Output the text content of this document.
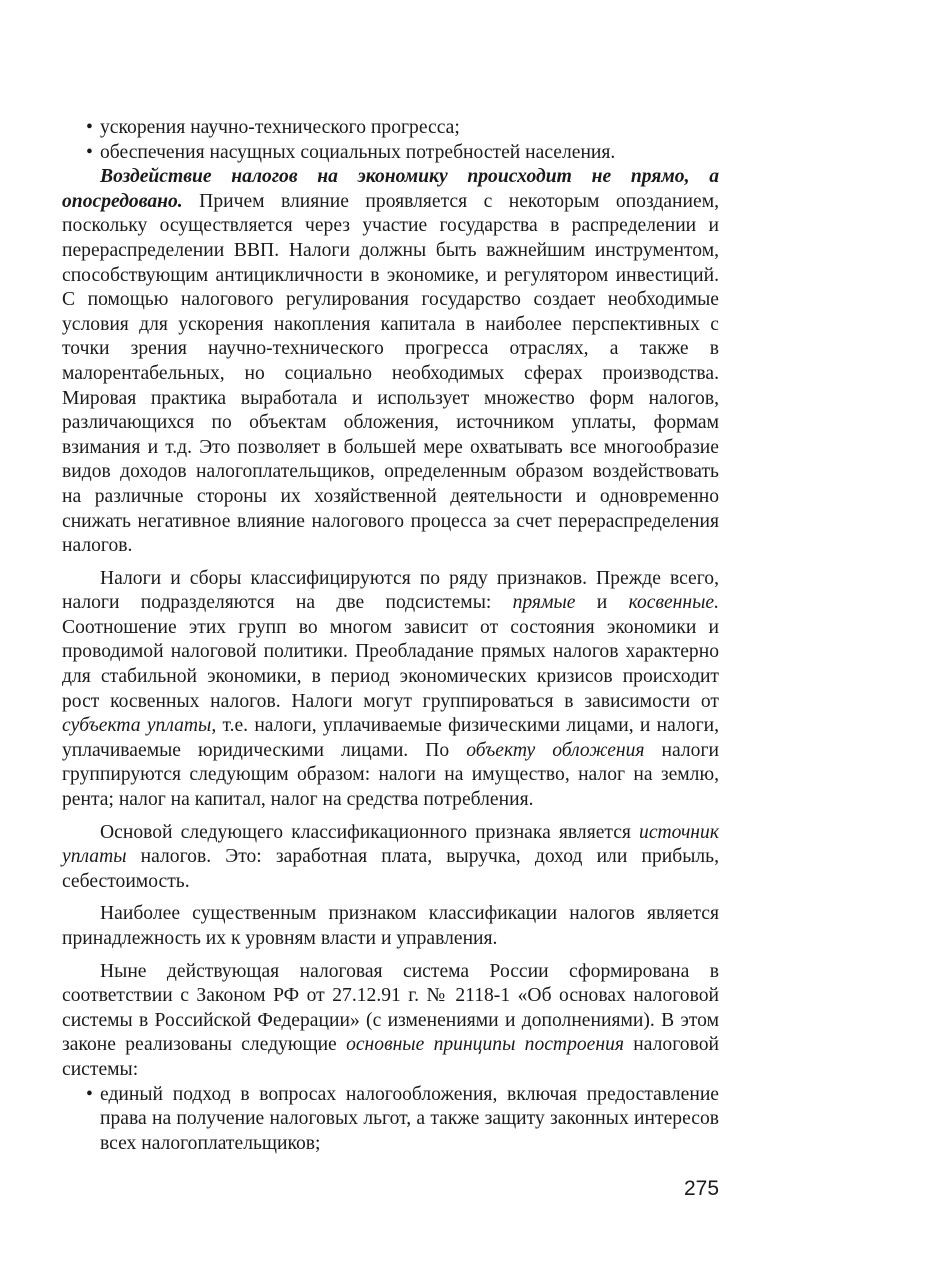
• ускорения научно-технического прогресса;

• обеспечения насущных социальных потребностей населения.

Воздействие налогов на экономику происходит не прямо, а опосредовано. Причем влияние проявляется с некоторым опозданием, поскольку осуществляется через участие государства в распределении и перераспределении ВВП. Налоги должны быть важнейшим инструментом, способствующим антицикличности в экономике, и регулятором инвестиций. С помощью налогового регулирования государство создает необходимые условия для ускорения накопления капитала в наиболее перспективных с точки зрения научно-технического прогресса отраслях, а также в малорентабельных, но социально необходимых сферах производства. Мировая практика выработала и использует множество форм налогов, различающихся по объектам обложения, источником уплаты, формам взимания и т.д. Это позволяет в большей мере охватывать все многообразие видов доходов налогоплательщиков, определенным образом воздействовать на различные стороны их хозяйственной деятельности и одновременно снижать негативное влияние налогового процесса за счет перераспределения налогов.

Налоги и сборы классифицируются по ряду признаков. Прежде всего, налоги подразделяются на две подсистемы: прямые и косвенные. Соотношение этих групп во многом зависит от состояния экономики и проводимой налоговой политики. Преобладание прямых налогов характерно для стабильной экономики, в период экономических кризисов происходит рост косвенных налогов. Налоги могут группироваться в зависимости от субъекта уплаты, т.е. налоги, уплачиваемые физическими лицами, и налоги, уплачиваемые юридическими лицами. По объекту обложения налоги группируются следующим образом: налоги на имущество, налог на землю, рента; налог на капитал, налог на средства потребления.

Основой следующего классификационного признака является источник уплаты налогов. Это: заработная плата, выручка, доход или прибыль, себестоимость.

Наиболее существенным признаком классификации налогов является принадлежность их к уровням власти и управления.

Ныне действующая налоговая система России сформирована в соответствии с Законом РФ от 27.12.91 г. № 2118-1 «Об основах налоговой системы в Российской Федерации» (с изменениями и дополнениями). В этом законе реализованы следующие основные принципы построения налоговой системы:

• единый подход в вопросах налогообложения, включая предоставление права на получение налоговых льгот, а также защиту законных интересов всех налогоплательщиков;

275
